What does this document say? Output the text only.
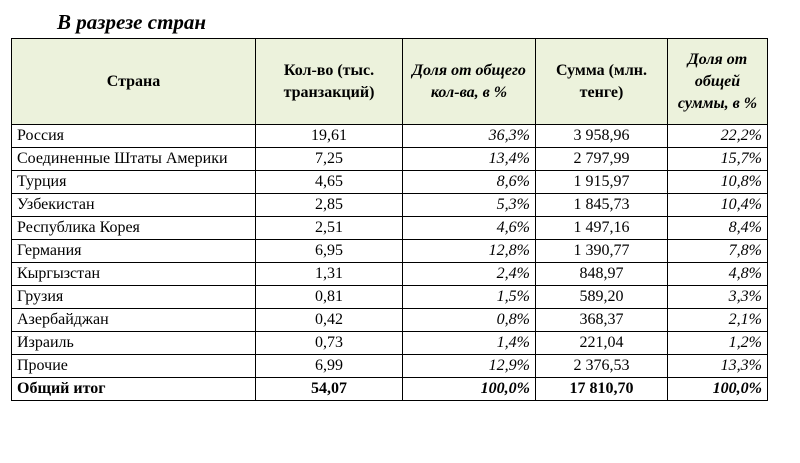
В разрезе стран

Страна	Кол-во (тыс. транзакций)	Доля от общего кол-ва, в %	Сумма (млн. тенге)	Доля от общей суммы, в %
Россия	19,61	36,3%	3 958,96	22,2%
Соединенные Штаты Америки	7,25	13,4%	2 797,99	15,7%
Турция	4,65	8,6%	1 915,97	10,8%
Узбекистан	2,85	5,3%	1 845,73	10,4%
Республика Корея	2,51	4,6%	1 497,16	8,4%
Германия	6,95	12,8%	1 390,77	7,8%
Кыргызстан	1,31	2,4%	848,97	4,8%
Грузия	0,81	1,5%	589,20	3,3%
Азербайджан	0,42	0,8%	368,37	2,1%
Израиль	0,73	1,4%	221,04	1,2%
Прочие	6,99	12,9%	2 376,53	13,3%
Общий итог	54,07	100,0%	17 810,70	100,0%
